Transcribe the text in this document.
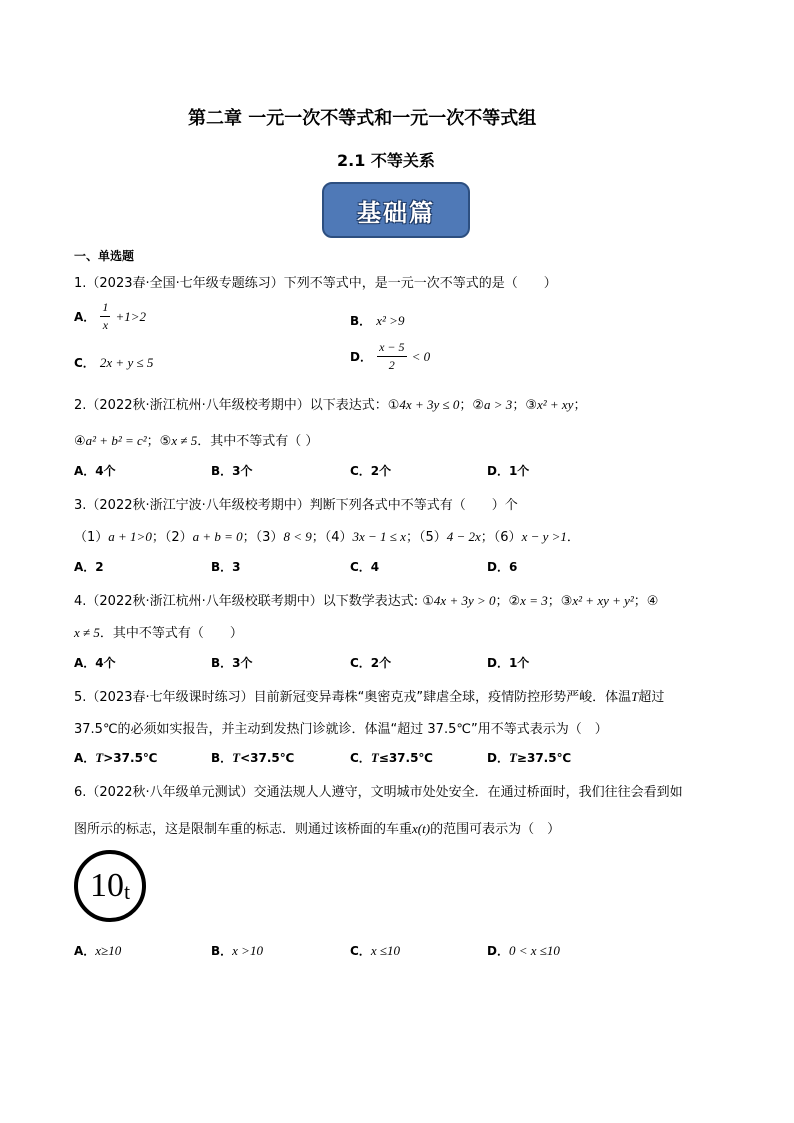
第二章 一元一次不等式和一元一次不等式组
2.1 不等关系
基础篇
一、单选题
1.（2023春·全国·七年级专题练习）下列不等式中，是一元一次不等式的是（　　）
A． $\frac{1}{x} +1>2$	B． x² >9
C． 2x + y ≤ 5	D． $\frac{x - 5}{2} < 0$
2.（2022秋·浙江杭州·八年级校考期中）以下表达式：①4x + 3y ≤ 0；②a > 3；③x² + xy；
④a² + b² = c²；⑤x ≠ 5．其中不等式有（ ）
A．4个	B．3个	C．2个	D．1个
3.（2022秋·浙江宁波·八年级校考期中）判断下列各式中不等式有（　　）个
（1）a + 1>0；（2）a + b = 0；（3）8 < 9；（4）3x − 1 ≤ x；（5）4 − 2x；（6）x − y >1．
A．2	B．3	C．4	D．6
4.（2022秋·浙江杭州·八年级校联考期中）以下数学表达式: ①4x + 3y > 0；②x = 3；③x² + xy + y²；④
x ≠ 5．其中不等式有（　　）
A．4个	B．3个	C．2个	D．1个
5.（2023春·七年级课时练习）目前新冠变异毒株“奥密克戎”肆虐全球，疫情防控形势严峻．体温T超过
37.5℃的必须如实报告，并主动到发热门诊就诊．体温“超过 37.5℃”用不等式表示为（　）
A．T>37.5℃	B．T<37.5℃	C．T≤37.5℃	D．T≥37.5℃
6.（2022秋·八年级单元测试）交通法规人人遵守，文明城市处处安全．在通过桥面时，我们往往会看到如
图所示的标志，这是限制车重的标志．则通过该桥面的车重x(t)的范围可表示为（　）
10 t
A．x≥10	B．x >10	C．x ≤10	D．0 < x ≤10
